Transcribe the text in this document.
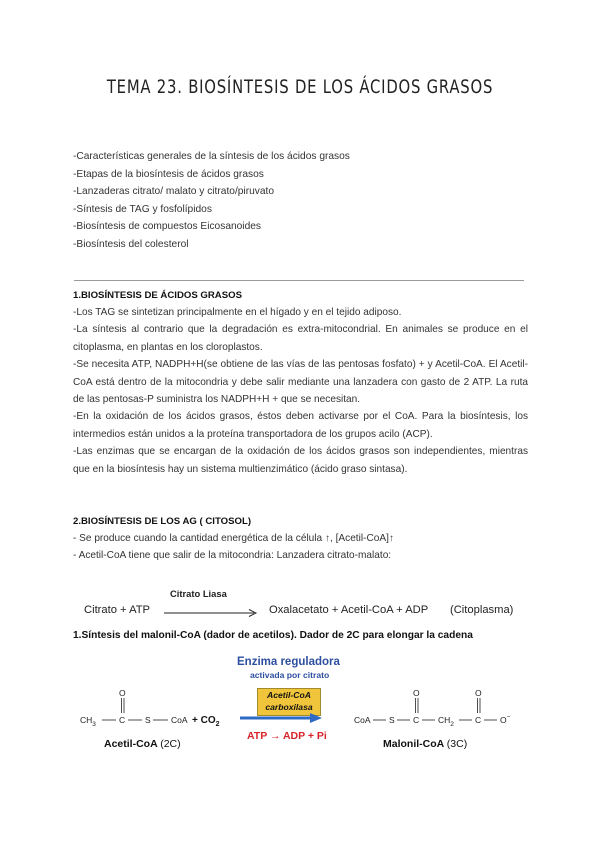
TEMA 23. BIOSÍNTESIS DE LOS ÁCIDOS GRASOS
-Características generales de la síntesis de los ácidos grasos
-Etapas de la biosíntesis de ácidos grasos
-Lanzaderas citrato/ malato y citrato/piruvato
-Síntesis de TAG y fosfolípidos
-Biosíntesis de compuestos Eicosanoides
-Biosíntesis del colesterol
1.BIOSÍNTESIS DE ÁCIDOS GRASOS

-Los TAG se sintetizan principalmente en el hígado y en el tejido adiposo.

-La síntesis al contrario que la degradación es extra-mitocondrial. En animales se produce en el citoplasma, en plantas en los cloroplastos.

-Se necesita ATP, NADPH+H(se obtiene de las vías de las pentosas fosfato) + y Acetil-CoA. El Acetil-CoA está dentro de la mitocondria y debe salir mediante una lanzadera con gasto de 2 ATP. La ruta de las pentosas-P suministra los NADPH+H + que se necesitan.

-En la oxidación de los ácidos grasos, éstos deben activarse por el CoA. Para la biosíntesis, los intermedios están unidos a la proteína transportadora de los grupos acilo (ACP).

-Las enzimas que se encargan de la oxidación de los ácidos grasos son independientes, mientras que en la biosíntesis hay un sistema multienzimático (ácido graso sintasa).

2.BIOSÍNTESIS DE LOS AG ( CITOSOL)

- Se produce cuando la cantidad energética de la célula ↑, [Acetil-CoA]↑

- Acetil-CoA tiene que salir de la mitocondria: Lanzadera citrato-malato:

Citrato + ATP
Citrato Liasa
Oxalacetato + Acetil-CoA + ADP (Citoplasma)
1.Síntesis del malonil-CoA (dador de acetilos). Dador de 2C para elongar la cadena
Enzima reguladora
activada por citrato
Acetil-CoA
carboxilasa
$CH_3$	C
O
S CoA + $CO_2$	CoA S C
O
$CH_2$ C
O
O−
ATP → ADP + Pi
Acetil-CoA (2C)	Malonil-CoA (3C)
